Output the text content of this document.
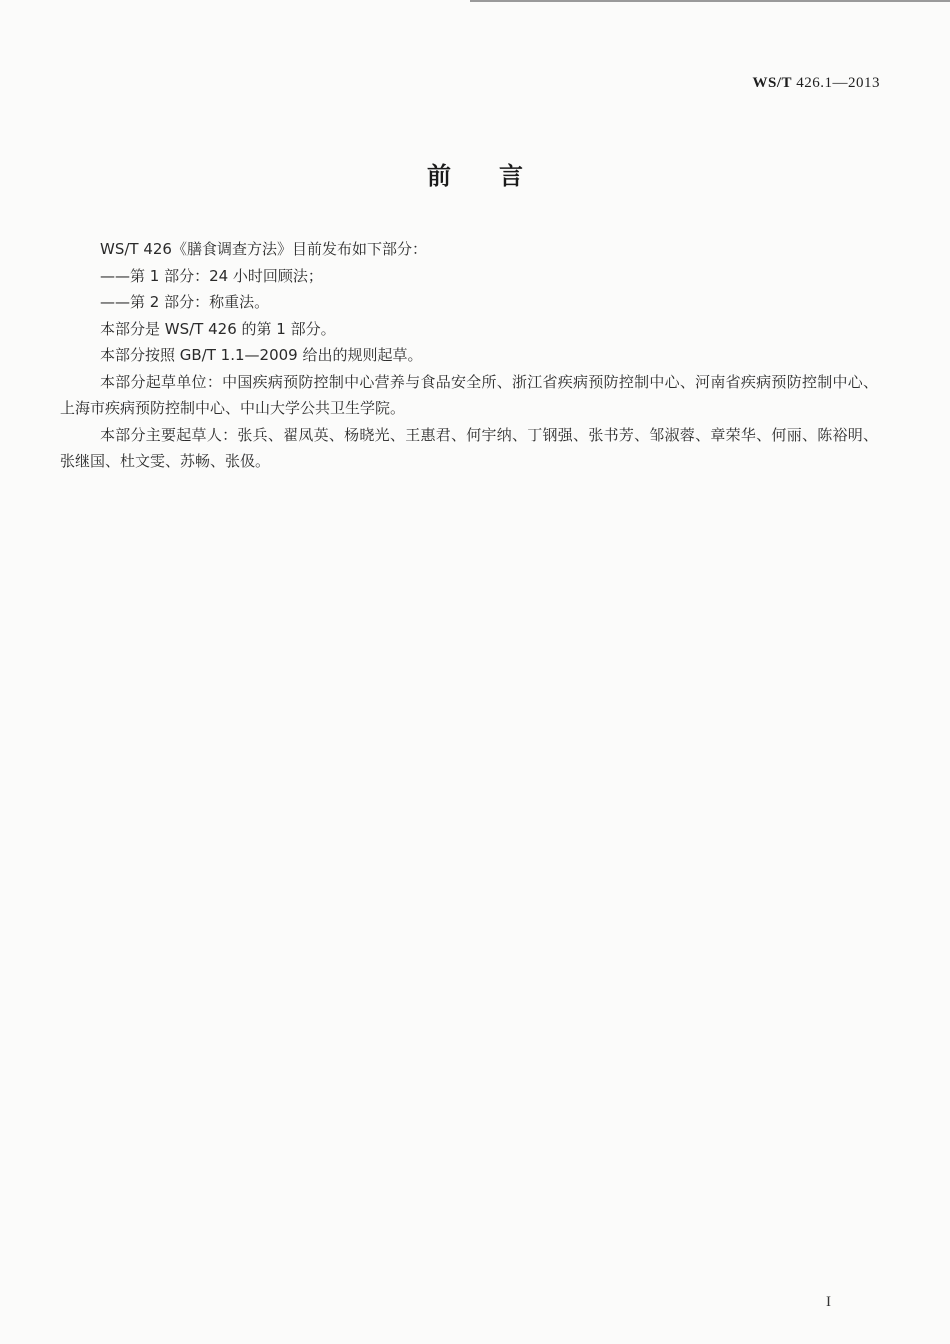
WS/T 426.1—2013
前言

WS/T 426《膳食调查方法》目前发布如下部分：

——第 1 部分：24 小时回顾法；

——第 2 部分：称重法。

本部分是 WS/T 426 的第 1 部分。

本部分按照 GB/T 1.1—2009 给出的规则起草。

本部分起草单位：中国疾病预防控制中心营养与食品安全所、浙江省疾病预防控制中心、河南省疾病预防控制中心、上海市疾病预防控制中心、中山大学公共卫生学院。

本部分主要起草人：张兵、翟凤英、杨晓光、王惠君、何宇纳、丁钢强、张书芳、邹淑蓉、章荣华、何丽、陈裕明、张继国、杜文雯、苏畅、张伋。

I
